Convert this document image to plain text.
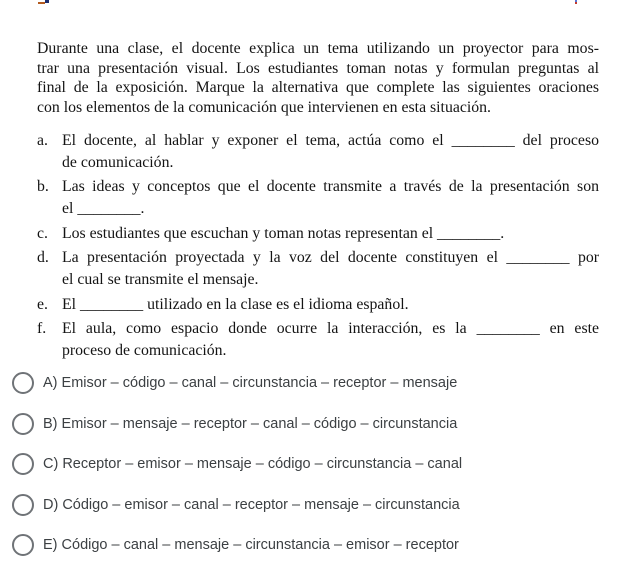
Durante una clase, el docente explica un tema utilizando un proyector para mos-
trar una presentación visual. Los estudiantes toman notas y formulan preguntas al
final de la exposición. Marque la alternativa que complete las siguientes oraciones
con los elementos de la comunicación que intervienen en esta situación.
a. El docente, al hablar y exponer el tema, actúa como el ________ del proceso
de comunicación.
b. Las ideas y conceptos que el docente transmite a través de la presentación son
el ________.
c. Los estudiantes que escuchan y toman notas representan el ________.
d. La presentación proyectada y la voz del docente constituyen el ________ por
el cual se transmite el mensaje.
e. El ________ utilizado en la clase es el idioma español.
f. El aula, como espacio donde ocurre la interacción, es la ________ en este
proceso de comunicación.
A) Emisor – código – canal – circunstancia – receptor – mensaje
B) Emisor – mensaje – receptor – canal – código – circunstancia
C) Receptor – emisor – mensaje – código – circunstancia – canal
D) Código – emisor – canal – receptor – mensaje – circunstancia
E) Código – canal – mensaje – circunstancia – emisor – receptor
